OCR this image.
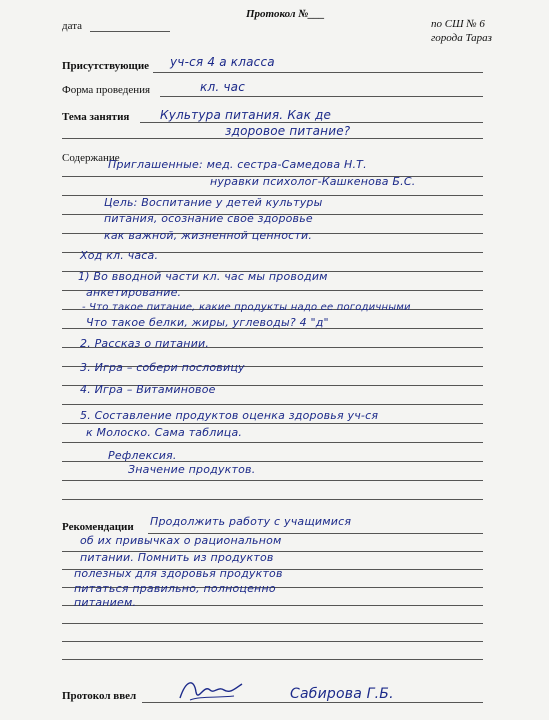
дата
Протокол №___
по СШ № 6
города Тараз
Присутствующие уч-ся 4 а класса
Форма проведения	кл. час
Тема занятия	Культура питания. Как де
здоровое питание?
Содержание
Приглашенные: мед. сестра-Самедова Н.Т.
нуравки психолог-Кашкенова Б.С.
Цель: Воспитание у детей культуры
питания, осознание своё здоровье
как важной, жизненной ценности.
Ход кл. часа.
1) Во вводной части кл. час мы проводим
анкетирование.
- Что такое питание, какие продукты надо ее погодичными
Что такое белки, жиры, углеводы? 4 "д"
2. Рассказ о питании.
3. Игра – собери пословицу
4. Игра – Витаминовое
5. Составление продуктов оценка здоровья уч-ся
к Молоско. Сама таблица.
Рефлексия.
Значение продуктов.
Рекомендации Продолжить работу с учащимися
об их привычках о рациональном
питании. Помнить из продуктов
полезных для здоровья продуктов
питаться правильно, полноценно
питанием.
Протокол ввел	Сабирова Г.Б.
